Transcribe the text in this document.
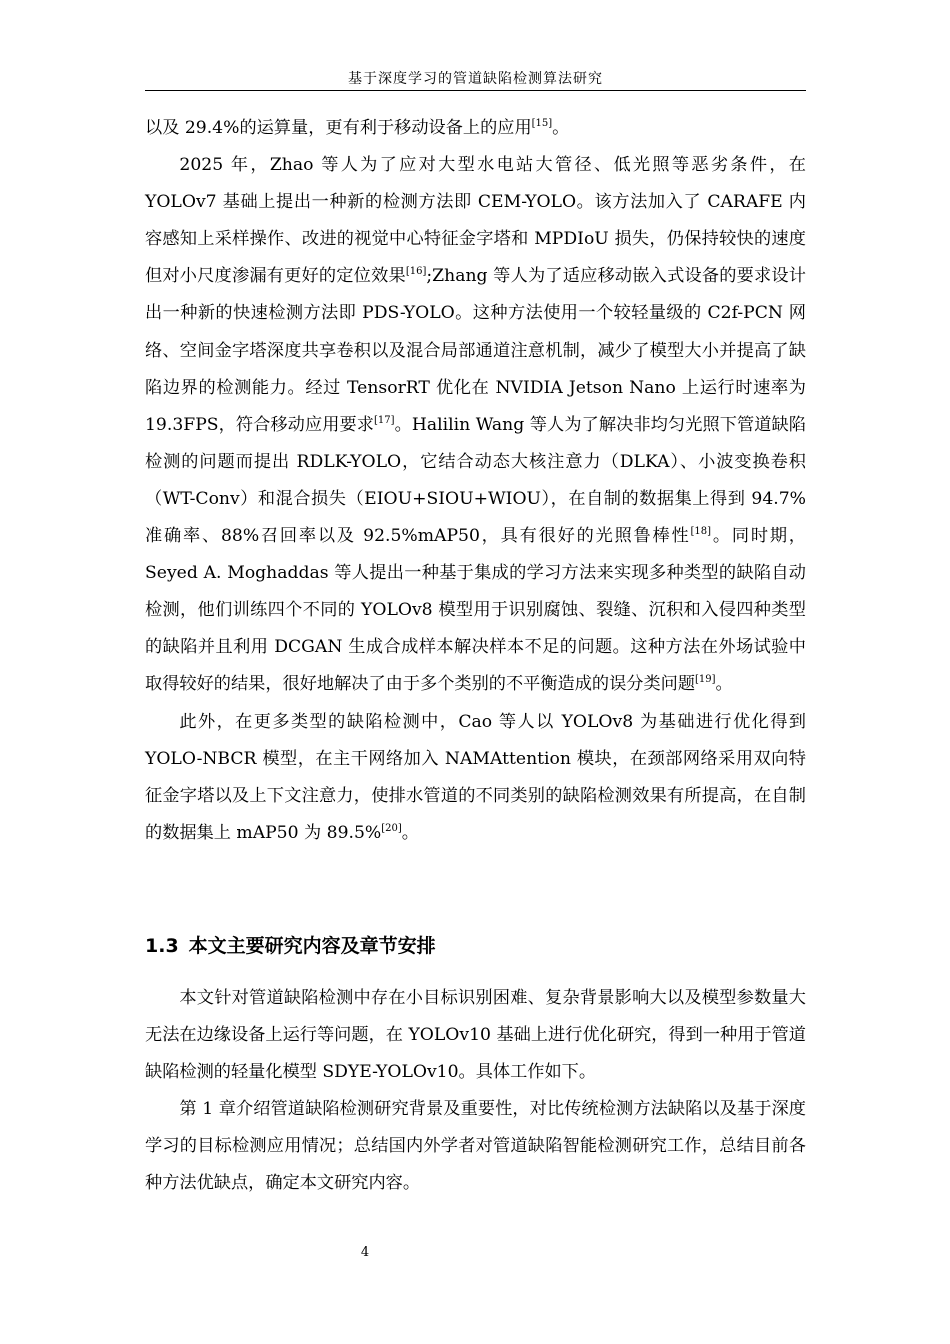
基于深度学习的管道缺陷检测算法研究

以及 29.4%的运算量，更有利于移动设备上的应用[15]。

2025 年，Zhao 等人为了应对大型水电站大管径、低光照等恶劣条件，在 YOLOv7 基础上提出一种新的检测方法即 CEM-YOLO。该方法加入了 CARAFE 内容感知上采样操作、改进的视觉中心特征金字塔和 MPDIoU 损失，仍保持较快的速度但对小尺度渗漏有更好的定位效果[16];Zhang 等人为了适应移动嵌入式设备的要求设计出一种新的快速检测方法即 PDS-YOLO。这种方法使用一个较轻量级的 C2f-PCN 网络、空间金字塔深度共享卷积以及混合局部通道注意机制，减少了模型大小并提高了缺陷边界的检测能力。经过 TensorRT 优化在 NVIDIA Jetson Nano 上运行时速率为 19.3FPS，符合移动应用要求[17]。Halilin Wang 等人为了解决非均匀光照下管道缺陷检测的问题而提出 RDLK-YOLO，它结合动态大核注意力（DLKA）、小波变换卷积（WT-Conv）和混合损失（EIOU+SIOU+WIOU），在自制的数据集上得到 94.7%准确率、88%召回率以及 92.5%mAP50，具有很好的光照鲁棒性[18]。同时期，Seyed A. Moghaddas 等人提出一种基于集成的学习方法来实现多种类型的缺陷自动检测，他们训练四个不同的 YOLOv8 模型用于识别腐蚀、裂缝、沉积和入侵四种类型的缺陷并且利用 DCGAN 生成合成样本解决样本不足的问题。这种方法在外场试验中取得较好的结果，很好地解决了由于多个类别的不平衡造成的误分类问题[19]。

此外，在更多类型的缺陷检测中，Cao 等人以 YOLOv8 为基础进行优化得到 YOLO-NBCR 模型，在主干网络加入 NAMAttention 模块，在颈部网络采用双向特征金字塔以及上下文注意力，使排水管道的不同类别的缺陷检测效果有所提高，在自制的数据集上 mAP50 为 89.5%[20]。

1.3 本文主要研究内容及章节安排

本文针对管道缺陷检测中存在小目标识别困难、复杂背景影响大以及模型参数量大无法在边缘设备上运行等问题，在 YOLOv10 基础上进行优化研究，得到一种用于管道缺陷检测的轻量化模型 SDYE-YOLOv10。具体工作如下。

第 1 章介绍管道缺陷检测研究背景及重要性，对比传统检测方法缺陷以及基于深度学习的目标检测应用情况；总结国内外学者对管道缺陷智能检测研究工作，总结目前各种方法优缺点，确定本文研究内容。

4
